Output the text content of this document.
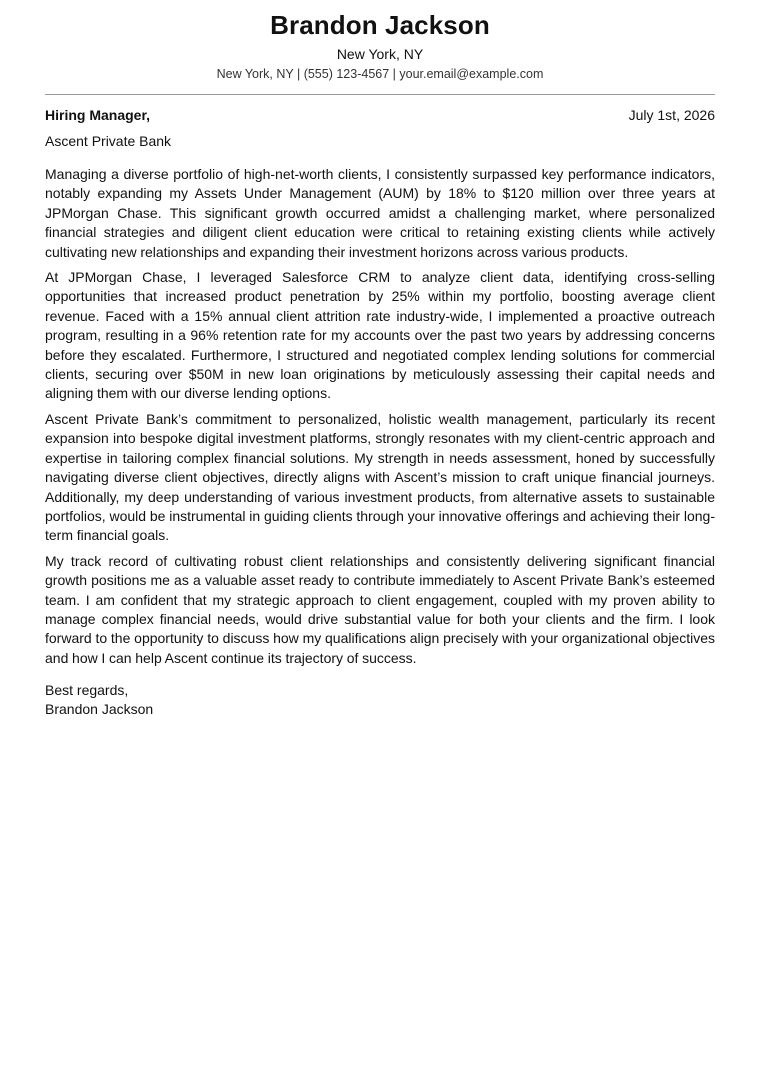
Brandon Jackson
New York, NY
New York, NY | (555) 123-4567 | your.email@example.com
Hiring Manager,	July 1st, 2026
Ascent Private Bank

Managing a diverse portfolio of high-net-worth clients, I consistently surpassed key performance indicators, notably expanding my Assets Under Management (AUM) by 18% to $120 million over three years at JPMorgan Chase. This significant growth occurred amidst a challenging market, where personalized financial strategies and diligent client education were critical to retaining existing clients while actively cultivating new relationships and expanding their investment horizons across various products.

At JPMorgan Chase, I leveraged Salesforce CRM to analyze client data, identifying cross-selling opportunities that increased product penetration by 25% within my portfolio, boosting average client revenue. Faced with a 15% annual client attrition rate industry-wide, I implemented a proactive outreach program, resulting in a 96% retention rate for my accounts over the past two years by addressing concerns before they escalated. Furthermore, I structured and negotiated complex lending solutions for commercial clients, securing over $50M in new loan originations by meticulously assessing their capital needs and aligning them with our diverse lending options.

Ascent Private Bank’s commitment to personalized, holistic wealth management, particularly its recent expansion into bespoke digital investment platforms, strongly resonates with my client-centric approach and expertise in tailoring complex financial solutions. My strength in needs assessment, honed by successfully navigating diverse client objectives, directly aligns with Ascent’s mission to craft unique financial journeys. Additionally, my deep understanding of various investment products, from alternative assets to sustainable portfolios, would be instrumental in guiding clients through your innovative offerings and achieving their long-term financial goals.

My track record of cultivating robust client relationships and consistently delivering significant financial growth positions me as a valuable asset ready to contribute immediately to Ascent Private Bank’s esteemed team. I am confident that my strategic approach to client engagement, coupled with my proven ability to manage complex financial needs, would drive substantial value for both your clients and the firm. I look forward to the opportunity to discuss how my qualifications align precisely with your organizational objectives and how I can help Ascent continue its trajectory of success.

Best regards,
Brandon Jackson
